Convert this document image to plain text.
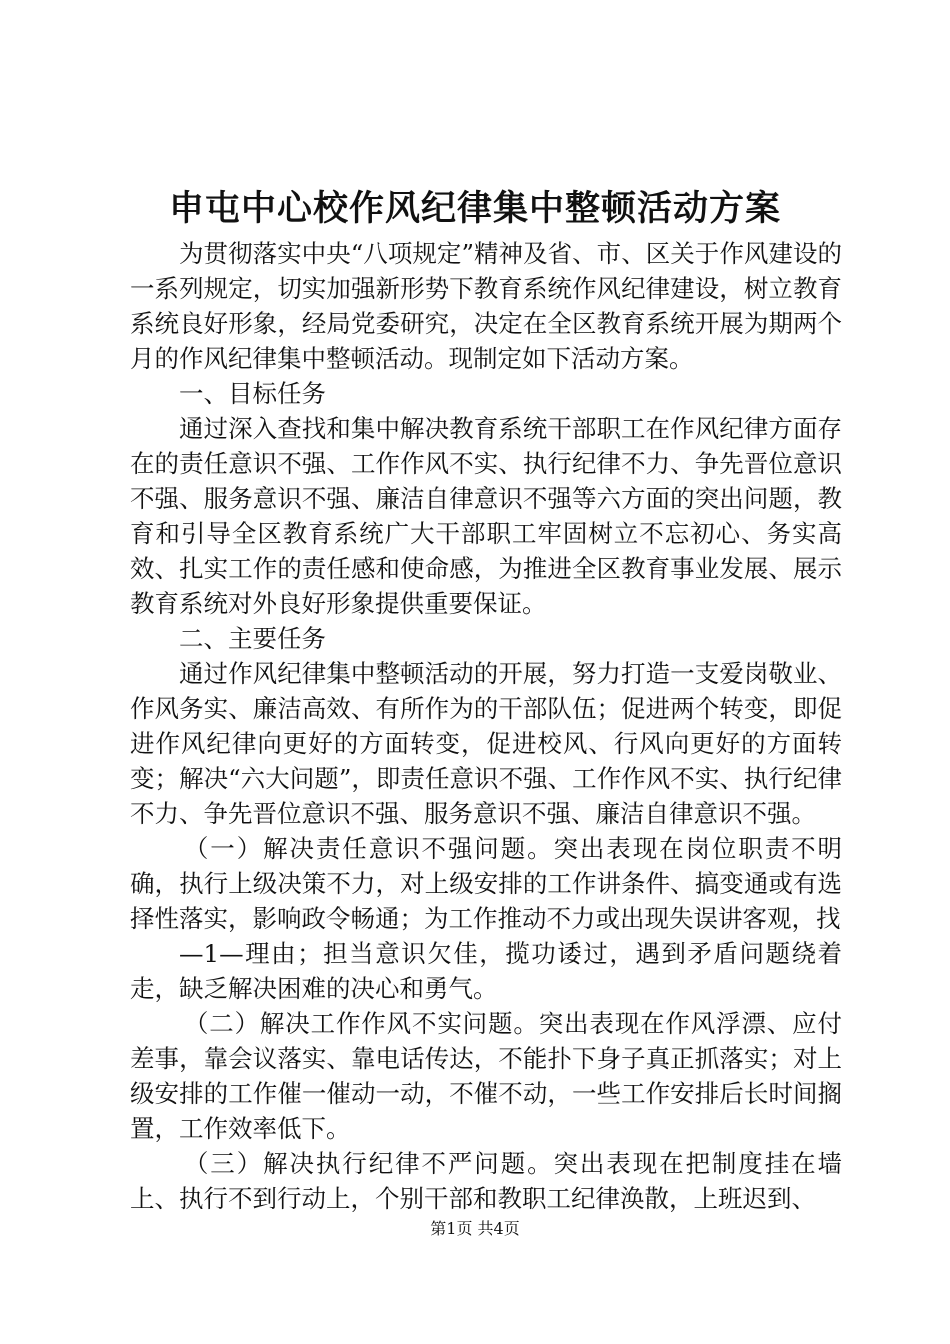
申屯中心校作风纪律集中整顿活动方案

为贯彻落实中央“八项规定”精神及省、市、区关于作风建设的一系列规定，切实加强新形势下教育系统作风纪律建设，树立教育系统良好形象，经局党委研究，决定在全区教育系统开展为期两个月的作风纪律集中整顿活动。现制定如下活动方案。

一、目标任务

通过深入查找和集中解决教育系统干部职工在作风纪律方面存在的责任意识不强、工作作风不实、执行纪律不力、争先晋位意识不强、服务意识不强、廉洁自律意识不强等六方面的突出问题，教育和引导全区教育系统广大干部职工牢固树立不忘初心、务实高效、扎实工作的责任感和使命感，为推进全区教育事业发展、展示教育系统对外良好形象提供重要保证。

二、主要任务

通过作风纪律集中整顿活动的开展，努力打造一支爱岗敬业、作风务实、廉洁高效、有所作为的干部队伍；促进两个转变，即促进作风纪律向更好的方面转变，促进校风、行风向更好的方面转变；解决“六大问题”，即责任意识不强、工作作风不实、执行纪律不力、争先晋位意识不强、服务意识不强、廉洁自律意识不强。

（一）解决责任意识不强问题。突出表现在岗位职责不明确，执行上级决策不力，对上级安排的工作讲条件、搞变通或有选择性落实，影响政令畅通；为工作推动不力或出现失误讲客观，找

—1—理由；担当意识欠佳，揽功诿过，遇到矛盾问题绕着走，缺乏解决困难的决心和勇气。

（二）解决工作作风不实问题。突出表现在作风浮漂、应付差事，靠会议落实、靠电话传达，不能扑下身子真正抓落实；对上级安排的工作催一催动一动，不催不动，一些工作安排后长时间搁置，工作效率低下。

（三）解决执行纪律不严问题。突出表现在把制度挂在墙上、执行不到行动上，个别干部和教职工纪律涣散，上班迟到、

第1页 共4页
